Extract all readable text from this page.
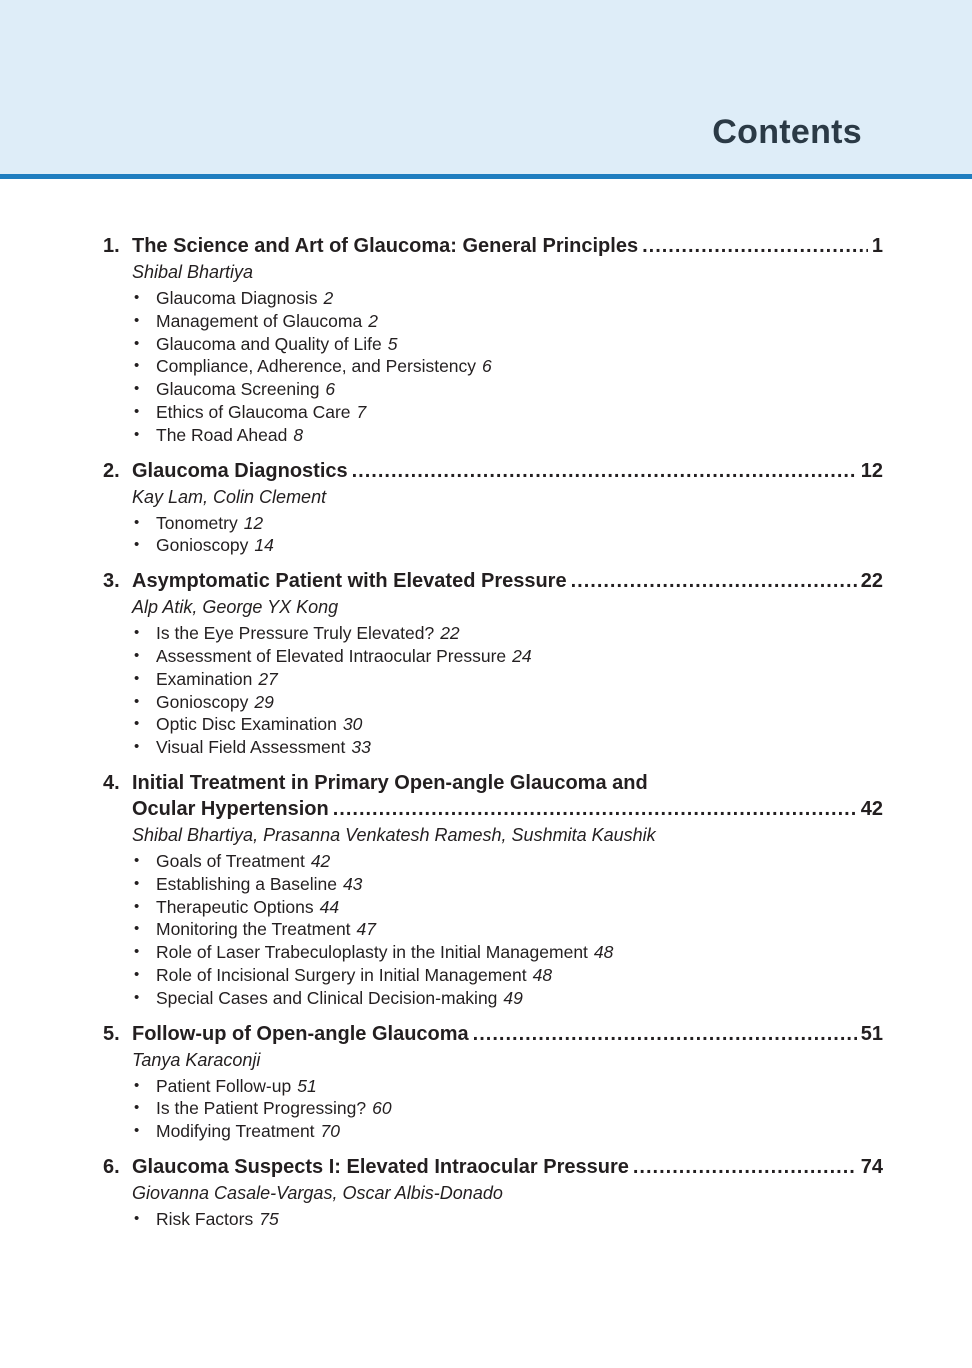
Contents
1. The Science and Art of Glaucoma: General Principles .....	1
Shibal Bhartiya
• Glaucoma Diagnosis 2
• Management of Glaucoma 2
• Glaucoma and Quality of Life 5
• Compliance, Adherence, and Persistency 6
• Glaucoma Screening 6
• Ethics of Glaucoma Care 7
• The Road Ahead 8
2. Glaucoma Diagnostics .....	12
Kay Lam, Colin Clement
• Tonometry 12
• Gonioscopy 14
3. Asymptomatic Patient with Elevated Pressure .....	22
Alp Atik, George YX Kong
• Is the Eye Pressure Truly Elevated? 22
• Assessment of Elevated Intraocular Pressure 24
• Examination 27
• Gonioscopy 29
• Optic Disc Examination 30
• Visual Field Assessment 33
4. Initial Treatment in Primary Open-angle Glaucoma and
Ocular Hypertension .....	42
Shibal Bhartiya, Prasanna Venkatesh Ramesh, Sushmita Kaushik
• Goals of Treatment 42
• Establishing a Baseline 43
• Therapeutic Options 44
• Monitoring the Treatment 47
• Role of Laser Trabeculoplasty in the Initial Management 48
• Role of Incisional Surgery in Initial Management 48
• Special Cases and Clinical Decision-making 49
5. Follow-up of Open-angle Glaucoma .....	51
Tanya Karaconji
• Patient Follow-up 51
• Is the Patient Progressing? 60
• Modifying Treatment 70
6. Glaucoma Suspects I: Elevated Intraocular Pressure .....	74
Giovanna Casale-Vargas, Oscar Albis-Donado
• Risk Factors 75
